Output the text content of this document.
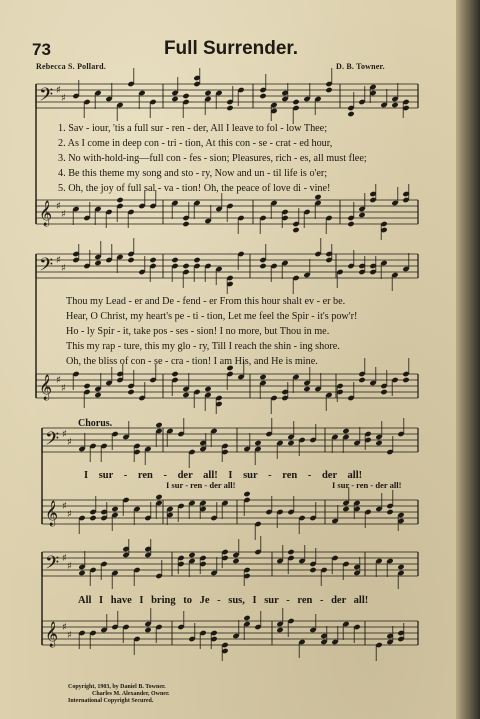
73	Full Surrender.
Rebecca S. Pollard.	D. B. Towner.
𝄢 ♯
♯
𝄞 ♯
♯
𝄢 ♯
♯
𝄞 ♯
♯
𝄢 ♯
♯
𝄞 ♯
♯
𝄢 ♯
♯
𝄞 ♯
♯
1. Sav - iour, 'tis a full sur - ren - der, All I leave to fol - low Thee;
2. As I come in deep con - tri - tion, At this con - se - crat - ed hour,
3. No with-hold-ing—full con - fes - sion; Pleasures, rich - es, all must flee;
4. Be this theme my song and sto - ry, Now and un - til life is o'er;
5. Oh, the joy of full sal - va - tion! Oh, the peace of love di - vine!
Thou my Lead - er and De - fend - er From this hour shalt ev - er be.
Hear, O Christ, my heart's pe - ti - tion, Let me feel the Spir - it's pow'r!
Ho - ly Spir - it, take pos - ses - sion! I no more, but Thou in me.
This my rap - ture, this my glo - ry, Till I reach the shin - ing shore.
Oh, the bliss of con - se - cra - tion! I am His, and He is mine.
Chorus.
I sur - ren - der all! I sur - ren - der all!
I sur - ren - der all!	I sur - ren - der all!
All I have I bring to Je - sus, I sur - ren - der all!
Copyright, 1903, by Daniel B. Towner.
Charles M. Alexander, Owner.
International Copyright Secured.
